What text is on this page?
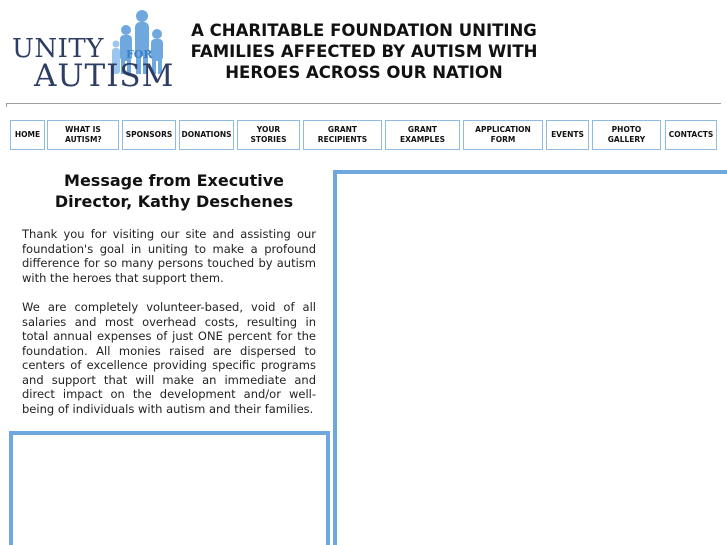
UNITY FOR
AUTISM
A CHARITABLE FOUNDATION UNITING FAMILIES AFFECTED BY AUTISM WITH HEROES ACROSS OUR NATION
HOME
WHAT IS AUTISM?
SPONSORS DONATIONS
YOUR STORIES
GRANT RECIPIENTS
GRANT EXAMPLES
APPLICATION FORM
EVENTS
PHOTO GALLERY
CONTACTS
Message from Executive Director, Kathy Deschenes

Thank you for visiting our site and assisting our foundation's goal in uniting to make a profound difference for so many persons touched by autism with the heroes that support them.

We are completely volunteer-based, void of all salaries and most overhead costs, resulting in total annual expenses of just ONE percent for the foundation. All monies raised are dispersed to centers of excellence providing specific programs and support that will make an immediate and direct impact on the development and/or well-being of individuals with autism and their families.
